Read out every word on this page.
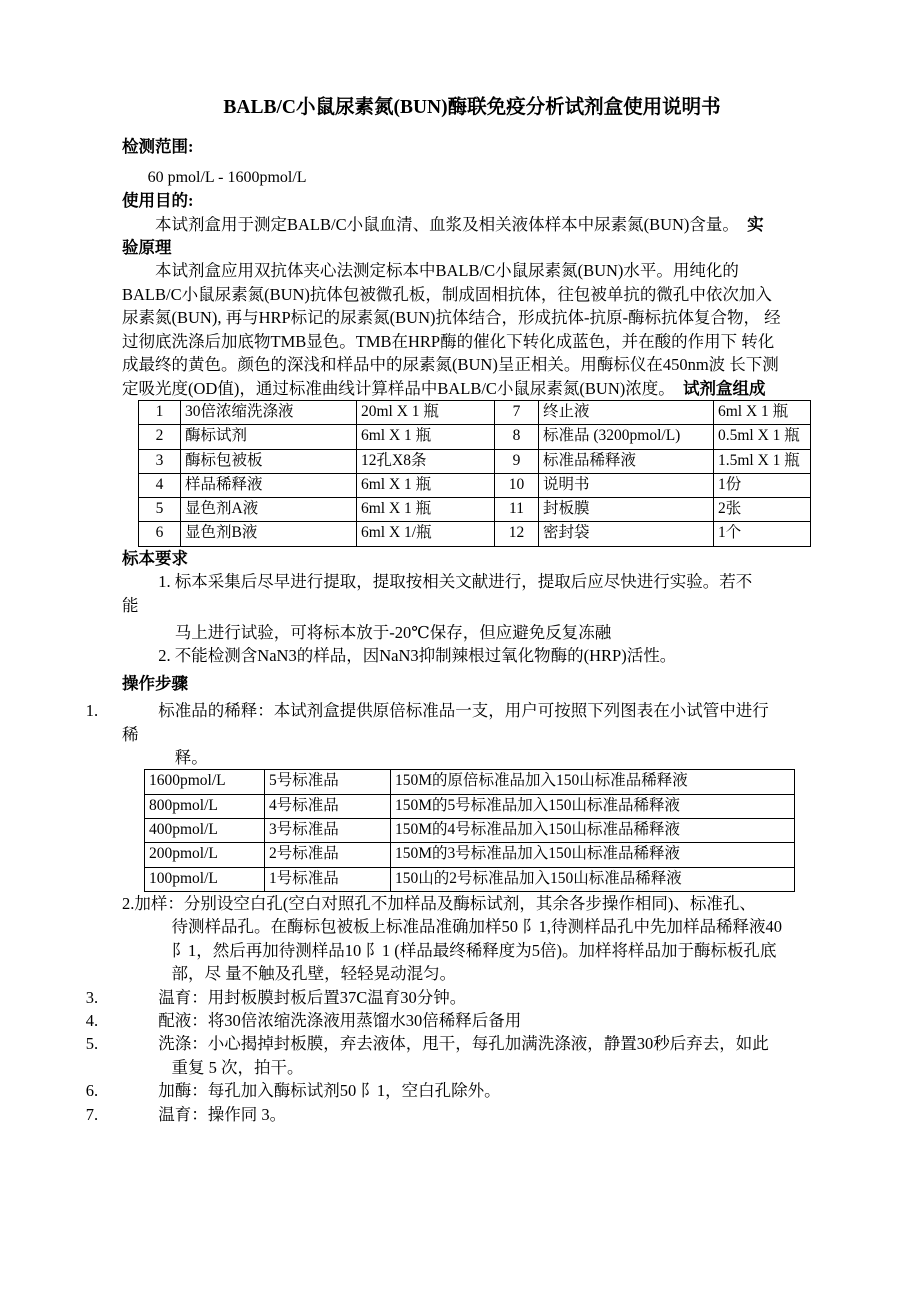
BALB/C小鼠尿素氮(BUN)酶联免疫分析试剂盒使用说明书
检测范围:
60 pmol/L - 1600pmol/L
使用目的:
本试剂盒用于测定BALB/C小鼠血清、血浆及相关液体样本中尿素氮(BUN)含量。 实
验原理
本试剂盒应用双抗体夹心法测定标本中BALB/C小鼠尿素氮(BUN)水平。用纯化的
BALB/C小鼠尿素氮(BUN)抗体包被微孔板，制成固相抗体，往包被单抗的微孔中依次加入
尿素氮(BUN), 再与HRP标记的尿素氮(BUN)抗体结合，形成抗体-抗原-酶标抗体复合物， 经
过彻底洗涤后加底物TMB显色。TMB在HRP酶的催化下转化成蓝色，并在酸的作用下 转化
成最终的黄色。颜色的深浅和样品中的尿素氮(BUN)呈正相关。用酶标仪在450nm波 长下测
定吸光度(OD值)，通过标准曲线计算样品中BALB/C小鼠尿素氮(BUN)浓度。 试剂盒组成
1	30倍浓缩洗涤液	20ml X 1 瓶	7	终止液	6ml X 1 瓶
2	酶标试剂	6ml X 1 瓶	8	标准品 (3200pmol/L)	0.5ml X 1 瓶
3	酶标包被板	12孔X8条	9	标准品稀释液	1.5ml X 1 瓶
4	样品稀释液	6ml X 1 瓶	10	说明书	1份
5	显色剂A液	6ml X 1 瓶	11	封板膜	2张
6	显色剂B液	6ml X 1/瓶	12	密封袋	1个
标本要求
1. 标本采集后尽早进行提取，提取按相关文献进行，提取后应尽快进行实验。若不
能
马上进行试验，可将标本放于-20℃保存，但应避免反复冻融
2. 不能检测含NaN3的样品，因NaN3抑制辣根过氧化物酶的(HRP)活性。
操作步骤
1.	标准品的稀释：本试剂盒提供原倍标准品一支，用户可按照下列图表在小试管中进行
稀
释。
1600pmol/L	5号标准品	150M的原倍标准品加入150山标准品稀释液
800pmol/L	4号标准品	150M的5号标准品加入150山标准品稀释液
400pmol/L	3号标准品	150M的4号标准品加入150山标准品稀释液
200pmol/L	2号标准品	150M的3号标准品加入150山标准品稀释液
100pmol/L	1号标准品	150山的2号标准品加入150山标准品稀释液
2.加样：分别设空白孔(空白对照孔不加样品及酶标试剂，其余各步操作相同)、标准孔、
待测样品孔。在酶标包被板上标准品准确加样50 阝1,待测样品孔中先加样品稀释液40
阝1，然后再加待测样品10 阝1 (样品最终稀释度为5倍)。加样将样品加于酶标板孔底
部，尽 量不触及孔壁，轻轻晃动混匀。
3.	温育：用封板膜封板后置37C温育30分钟。
4.	配液：将30倍浓缩洗涤液用蒸馏水30倍稀释后备用
5.	洗涤：小心揭掉封板膜，弃去液体，甩干，每孔加满洗涤液，静置30秒后弃去，如此
重复 5 次，拍干。
6.	加酶：每孔加入酶标试剂50 阝1，空白孔除外。
7.	温育：操作同 3。
